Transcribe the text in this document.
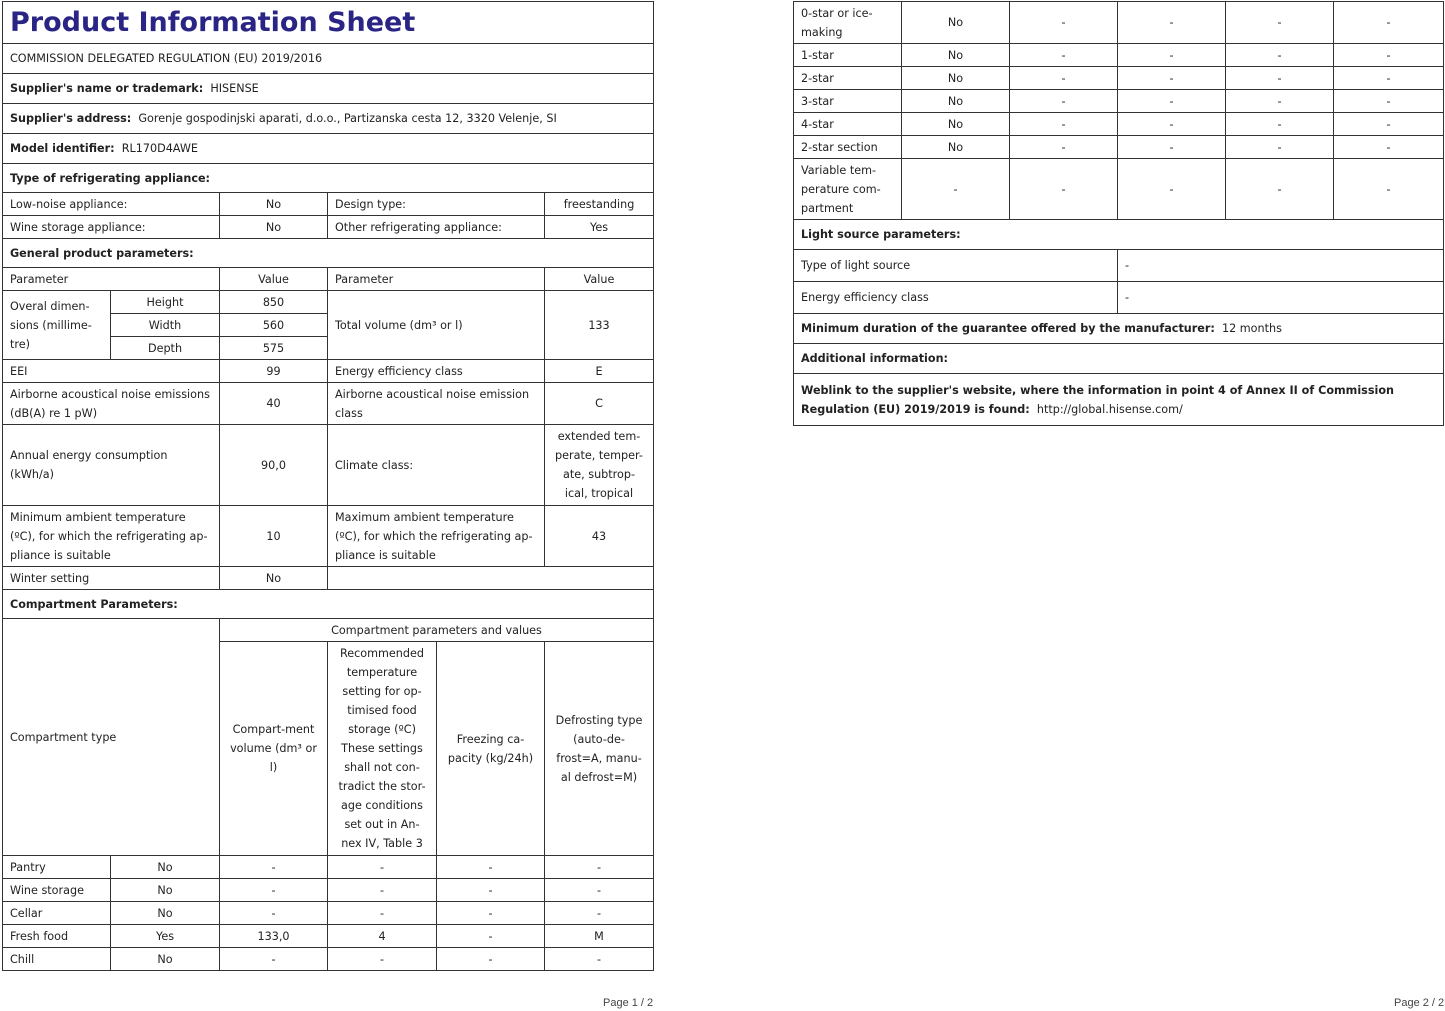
Product Information Sheet					
COMMISSION DELEGATED REGULATION (EU) 2019/2016					
Supplier's name or trademark: HISENSE					
Supplier's address: Gorenje gospodinjski aparati, d.o.o., Partizanska cesta 12, 3320 Velenje, SI					
Model identifier: RL170D4AWE					
Type of refrigerating appliance:					
Low-noise appliance:		No	Design type:		freestanding
Wine storage appliance:		No	Other refrigerating appliance:		Yes
General product parameters:					
Parameter		Value	Parameter		Value
Overal dimen-sions (millime-tre)	Height	850	Total volume (dm³ or l)		133
	Width	560			
	Depth	575			
EEI		99	Energy efficiency class		E
Airborne acoustical noise emissions (dB(A) re 1 pW)		40	Airborne acoustical noise emission class		C
Annual energy consumption (kWh/a)		90,0	Climate class:		extended tem-perate, temper-ate, subtrop-ical, tropical
Minimum ambient temperature (ºC), for which the refrigerating ap-pliance is suitable		10	Maximum ambient temperature (ºC), for which the refrigerating ap-pliance is suitable		43
Winter setting		No			
Compartment Parameters:					
Compartment type		Compartment parameters and values			
		Compart-ment volume (dm³ or l)	Recommended temperature setting for op-timised food storage (ºC) These settings shall not con-tradict the stor-age conditions set out in An-nex IV, Table 3	Freezing ca-pacity (kg/24h)	Defrosting type (auto-de-frost=A, manu-al defrost=M)
Pantry	No	-	-	-	-
Wine storage	No	-	-	-	-
Cellar	No	-	-	-	-
Fresh food	Yes	133,0	4	-	M
Chill	No	-	-	-	-
Page 1 / 2
0-star or ice-making	No	-	-	-	-
1-star	No	-	-	-	-
2-star	No	-	-	-	-
3-star	No	-	-	-	-
4-star	No	-	-	-	-
2-star section	No	-	-	-	-
Variable tem-perature com-partment	-	-	-	-	-
Light source parameters:					
Type of light source			-		
Energy efficiency class			-		
Minimum duration of the guarantee offered by the manufacturer: 12 months					
Additional information:					
Weblink to the supplier's website, where the information in point 4 of Annex II of Commission Regulation (EU) 2019/2019 is found: http://global.hisense.com/					
Page 2 / 2
